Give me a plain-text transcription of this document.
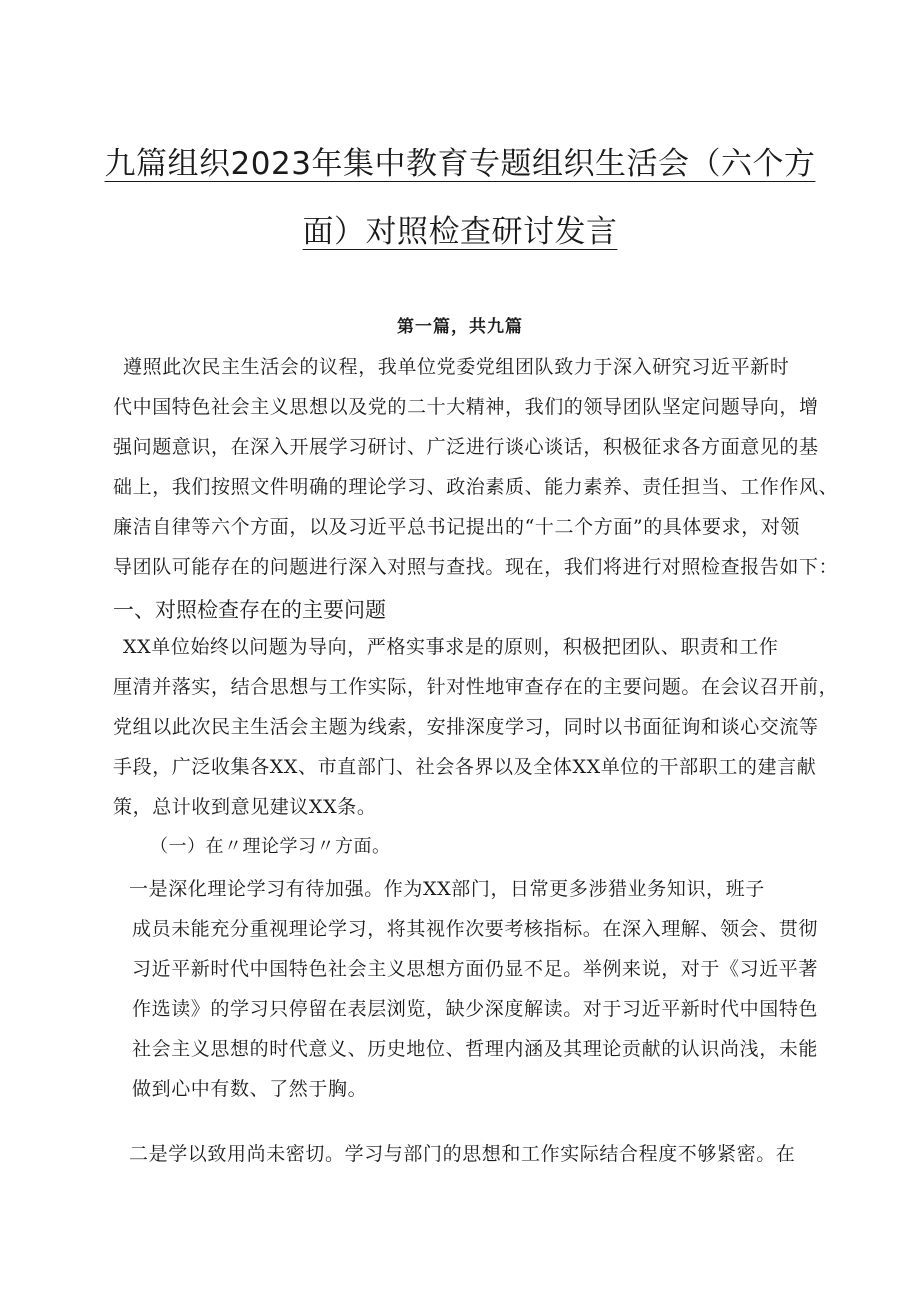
九篇组织2023年集中教育专题组织生活会（六个方
面）对照检查研讨发言
第一篇，共九篇
遵照此次民主生活会的议程，我单位党委党组团队致力于深入研究习近平新时
代中国特色社会主义思想以及党的二十大精神，我们的领导团队坚定问题导向，增
强问题意识，在深入开展学习研讨、广泛进行谈心谈话，积极征求各方面意见的基
础上，我们按照文件明确的理论学习、政治素质、能力素养、责任担当、工作作风、
廉洁自律等六个方面，以及习近平总书记提出的“十二个方面”的具体要求，对领
导团队可能存在的问题进行深入对照与查找。现在，我们将进行对照检查报告如下：
一、对照检查存在的主要问题
XX单位始终以问题为导向，严格实事求是的原则，积极把团队、职责和工作
厘清并落实，结合思想与工作实际，针对性地审查存在的主要问题。在会议召开前，
党组以此次民主生活会主题为线索，安排深度学习，同时以书面征询和谈心交流等
手段，广泛收集各XX、市直部门、社会各界以及全体XX单位的干部职工的建言献
策，总计收到意见建议XX条。
（一）在〃理论学习〃方面。
一是深化理论学习有待加强。作为XX部门，日常更多涉猎业务知识，班子
成员未能充分重视理论学习，将其视作次要考核指标。在深入理解、领会、贯彻
习近平新时代中国特色社会主义思想方面仍显不足。举例来说，对于《习近平著
作选读》的学习只停留在表层浏览，缺少深度解读。对于习近平新时代中国特色
社会主义思想的时代意义、历史地位、哲理内涵及其理论贡献的认识尚浅，未能
做到心中有数、了然于胸。
二是学以致用尚未密切。学习与部门的思想和工作实际结合程度不够紧密。在
